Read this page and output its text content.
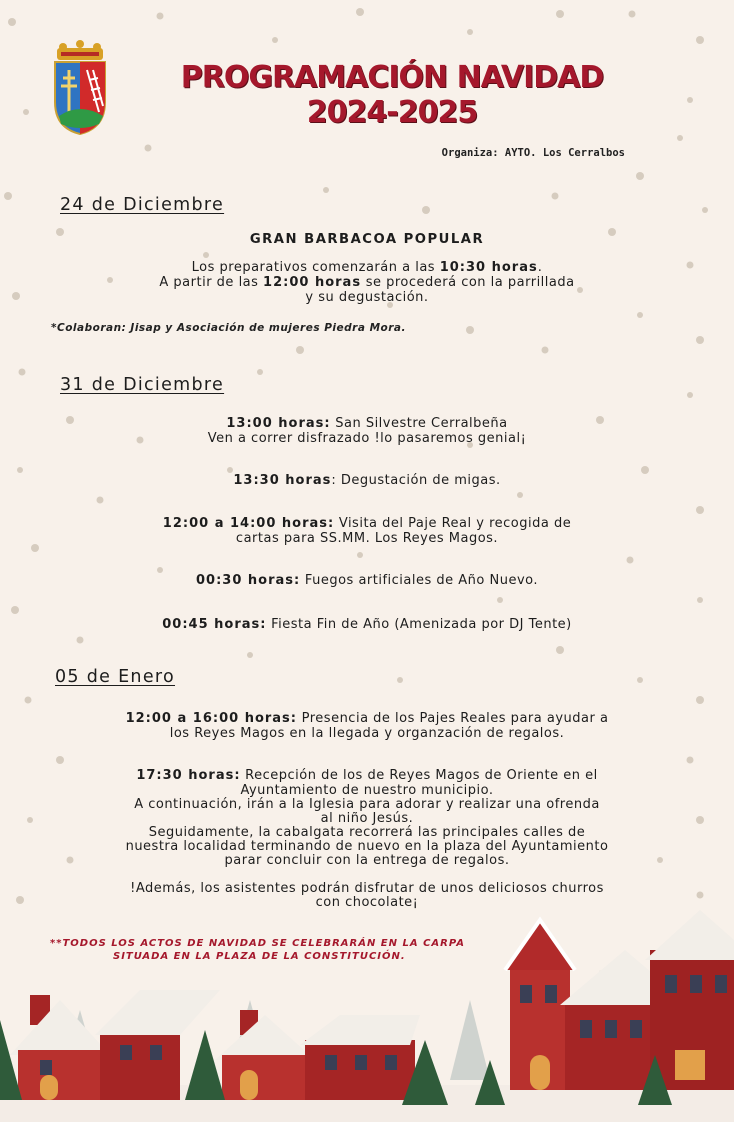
PROGRAMACIÓN NAVIDAD
2024-2025
Organiza: AYTO. Los Cerralbos
24 de Diciembre
GRAN BARBACOA POPULAR
Los preparativos comenzarán a las 10:30 horas.
A partir de las 12:00 horas se procederá con la parrillada
y su degustación.
*Colaboran: Jisap y Asociación de mujeres Piedra Mora.
31 de Diciembre
13:00 horas: San Silvestre Cerralbeña
Ven a correr disfrazado !lo pasaremos genial¡
13:30 horas: Degustación de migas.
12:00 a 14:00 horas: Visita del Paje Real y recogida de
cartas para SS.MM. Los Reyes Magos.
00:30 horas: Fuegos artificiales de Año Nuevo.
00:45 horas: Fiesta Fin de Año (Amenizada por DJ Tente)
05 de Enero
12:00 a 16:00 horas: Presencia de los Pajes Reales para ayudar a
los Reyes Magos en la llegada y organzación de regalos.
17:30 horas: Recepción de los de Reyes Magos de Oriente en el
Ayuntamiento de nuestro municipio.
A continuación, irán a la Iglesia para adorar y realizar una ofrenda
al niño Jesús.
Seguidamente, la cabalgata recorrerá las principales calles de
nuestra localidad terminando de nuevo en la plaza del Ayuntamiento
parar concluir con la entrega de regalos.
!Además, los asistentes podrán disfrutar de unos deliciosos churros
con chocolate¡
**TODOS LOS ACTOS DE NAVIDAD SE CELEBRARÁN EN LA CARPA
SITUADA EN LA PLAZA DE LA CONSTITUCIÓN.
